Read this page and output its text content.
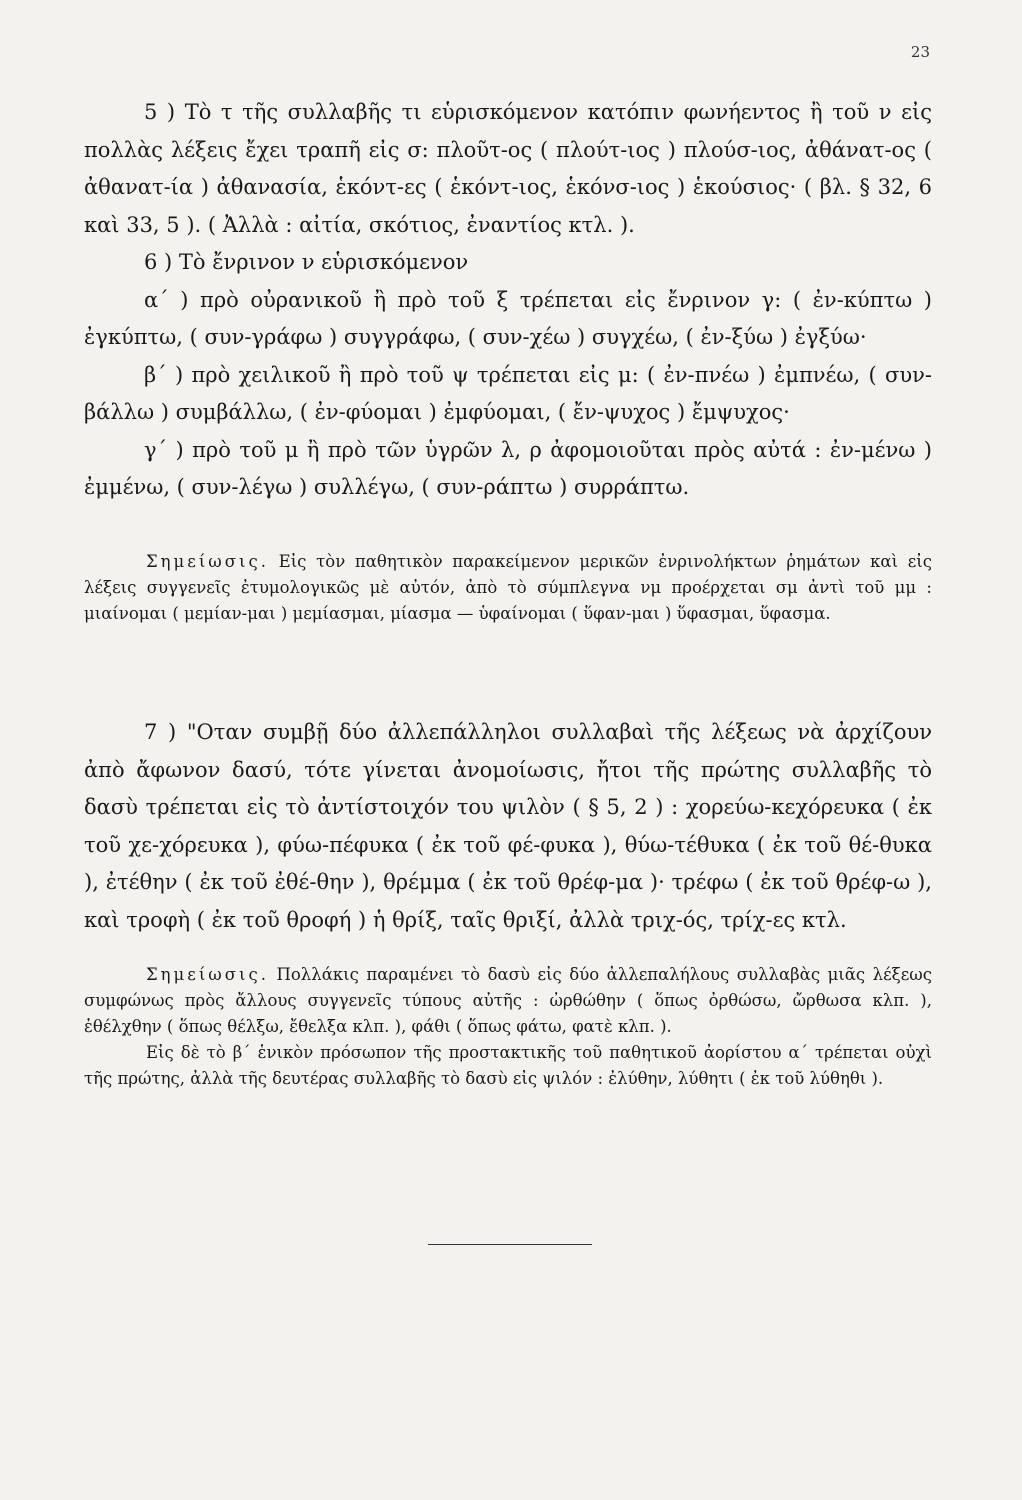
23

5 ) Τὸ τ τῆς συλλαβῆς τι εὑρισκόμενον κατόπιν φωνήεντος ἢ τοῦ ν εἰς πολλὰς λέξεις ἔχει τραπῆ εἰς σ: πλοῦτ-ος ( πλούτ-ιος ) πλούσ-ιος, ἀθάνατ-ος ( ἀθανατ-ία ) ἀθανασία, ἑκόντ-ες ( ἑκόντ-ιος, ἑκόνσ-ιος ) ἑκούσιος· ( βλ. § 32, 6 καὶ 33, 5 ). ( Ἀλλὰ : αἰτία, σκότιος, ἐναντίος κτλ. ).

6 ) Τὸ ἔνρινον ν εὑρισκόμενον

α΄ ) πρὸ οὐρανικοῦ ἢ πρὸ τοῦ ξ τρέπεται εἰς ἔνρινον γ: ( ἐν-κύπτω ) ἐγκύπτω, ( συν-γράφω ) συγγράφω, ( συν-χέω ) συγχέω, ( ἐν-ξύω ) ἐγξύω·

β΄ ) πρὸ χειλικοῦ ἢ πρὸ τοῦ ψ τρέπεται εἰς μ: ( ἐν-πνέω ) ἐμπνέω, ( συν-βάλλω ) συμβάλλω, ( ἐν-φύομαι ) ἐμφύομαι, ( ἔν-ψυχος ) ἔμψυχος·

γ΄ ) πρὸ τοῦ μ ἢ πρὸ τῶν ὑγρῶν λ, ρ ἀφομοιοῦται πρὸς αὐτά : ἐν-μένω ) ἐμμένω, ( συν-λέγω ) συλλέγω, ( συν-ράπτω ) συρράπτω.

Σημείωσις. Εἰς τὸν παθητικὸν παρακείμενον μερικῶν ἐνρινολήκτων ῥημάτων καὶ εἰς λέξεις συγγενεῖς ἐτυμολογικῶς μὲ αὐτόν, ἀπὸ τὸ σύμπλεγνα νμ προέρχεται σμ ἀντὶ τοῦ μμ : μιαίνομαι ( μεμίαν-μαι ) μεμίασμαι, μίασμα — ὑφαίνομαι ( ὕφαν-μαι ) ὕφασμαι, ὕφασμα.

7 ) "Οταν συμβῇ δύο ἀλλεπάλληλοι συλλαβαὶ τῆς λέξεως νὰ ἀρχίζουν ἀπὸ ἄφωνον δασύ, τότε γίνεται ἀνομοίωσις, ἤτοι τῆς πρώτης συλλαβῆς τὸ δασὺ τρέπεται εἰς τὸ ἀντίστοιχόν του ψιλὸν ( § 5, 2 ) : χορεύω-κεχόρευκα ( ἐκ τοῦ χε-χόρευκα ), φύω-πέφυκα ( ἐκ τοῦ φέ-φυκα ), θύω-τέθυκα ( ἐκ τοῦ θέ-θυκα ), ἐτέθην ( ἐκ τοῦ ἐθέ-θην ), θρέμμα ( ἐκ τοῦ θρέφ-μα )· τρέφω ( ἐκ τοῦ θρέφ-ω ), καὶ τροφὴ ( ἐκ τοῦ θροφή ) ἡ θρίξ, ταῖς θριξί, ἀλλὰ τριχ-ός, τρίχ-ες κτλ.

Σημείωσις. Πολλάκις παραμένει τὸ δασὺ εἰς δύο ἀλλεπαλήλους συλλαβὰς μιᾶς λέξεως συμφώνως πρὸς ἄλλους συγγενεῖς τύπους αὐτῆς : ὠρθώθην ( ὅπως ὀρθώσω, ὤρθωσα κλπ. ), ἐθέλχθην ( ὅπως θέλξω, ἔθελξα κλπ. ), φάθι ( ὅπως φάτω, φατὲ κλπ. ).

Εἰς δὲ τὸ β΄ ἑνικὸν πρόσωπον τῆς προστακτικῆς τοῦ παθητικοῦ ἀορίστου α΄ τρέπεται οὐχὶ τῆς πρώτης, ἀλλὰ τῆς δευτέρας συλλαβῆς τὸ δασὺ εἰς ψιλόν : ἐλύθην, λύθητι ( ἐκ τοῦ λύθηθι ).
